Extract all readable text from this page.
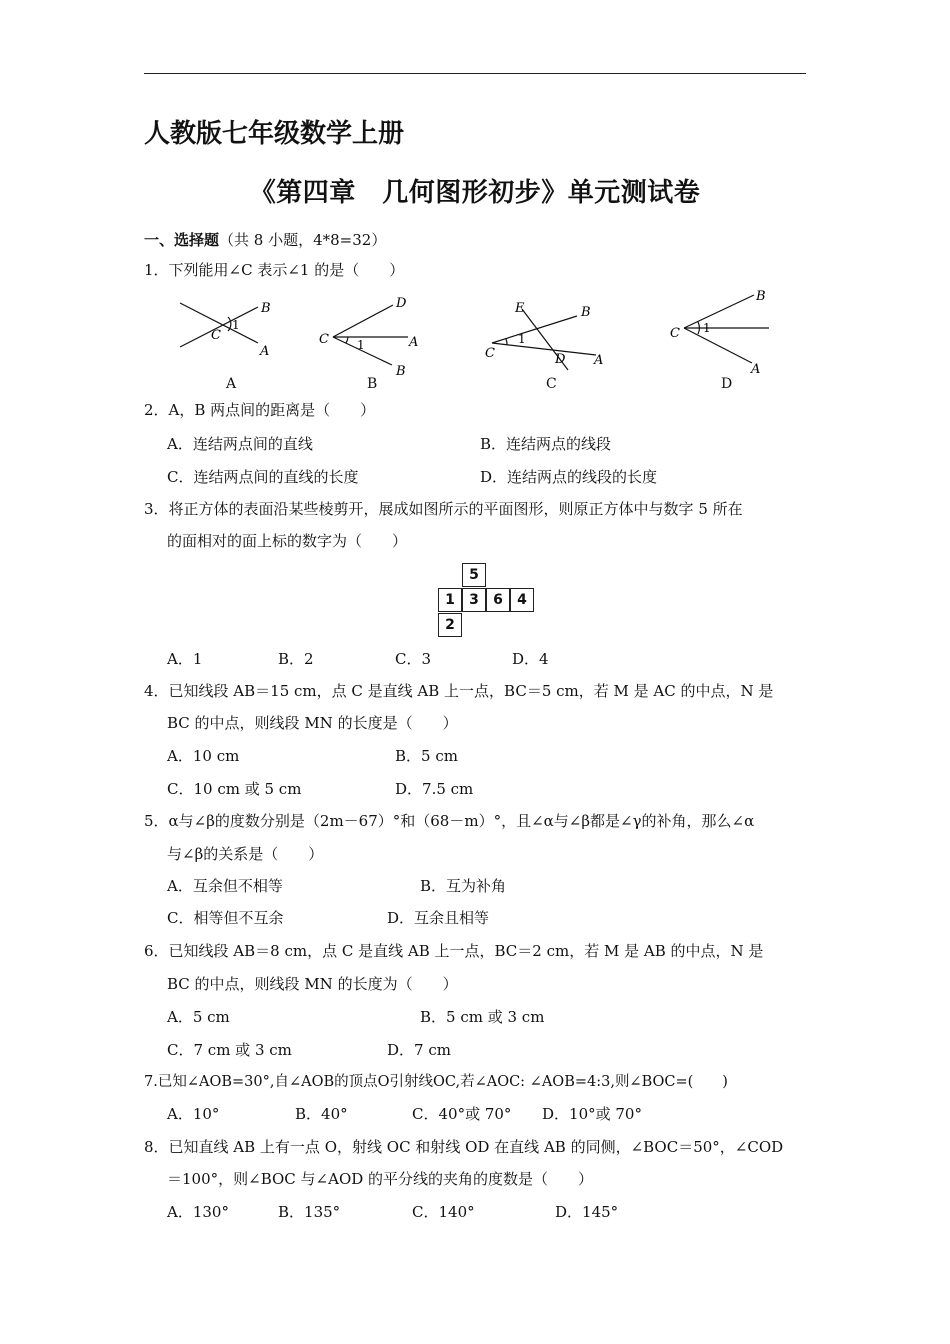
人教版七年级数学上册
《第四章　几何图形初步》单元测试卷
一、选择题（共 8 小题，4*8=32）
1．下列能用∠C 表示∠1 的是（　　）
B
C
A
1
D
C 1	A
B
E	B
C
1
D A
B
C 1
A
A	B	C	D
2．A，B 两点间的距离是（　　）
A．连结两点间的直线	B．连结两点的线段
C．连结两点间的直线的长度	D．连结两点的线段的长度
3．将正方体的表面沿某些棱剪开，展成如图所示的平面图形，则原正方体中与数字 5 所在
的面相对的面上标的数字为（　　）
5
1	3	6	4
2
A．1	B．2	C．3	D．4
4．已知线段 AB＝15 cm，点 C 是直线 AB 上一点，BC＝5 cm，若 M 是 AC 的中点，N 是
BC 的中点，则线段 MN 的长度是（　　）
A．10 cm	B．5 cm
C．10 cm 或 5 cm	D．7.5 cm
5．α与∠β的度数分别是（2m－67）°和（68－m）°，且∠α与∠β都是∠γ的补角，那么∠α
与∠β的关系是（　　）
A．互余但不相等	B．互为补角
C．相等但不互余	D．互余且相等
6．已知线段 AB＝8 cm，点 C 是直线 AB 上一点，BC＝2 cm，若 M 是 AB 的中点，N 是
BC 的中点，则线段 MN 的长度为（　　）
A．5 cm	B．5 cm 或 3 cm
C．7 cm 或 3 cm	D．7 cm
7.已知∠AOB=30°,自∠AOB的顶点O引射线OC,若∠AOC: ∠AOB=4:3,则∠BOC=(　　)
A．10°	B．40°	C．40°或 70° D．10°或 70°
8．已知直线 AB 上有一点 O，射线 OC 和射线 OD 在直线 AB 的同侧，∠BOC＝50°，∠COD
＝100°，则∠BOC 与∠AOD 的平分线的夹角的度数是（　　）
A．130°	B．135°	C．140°	D．145°
